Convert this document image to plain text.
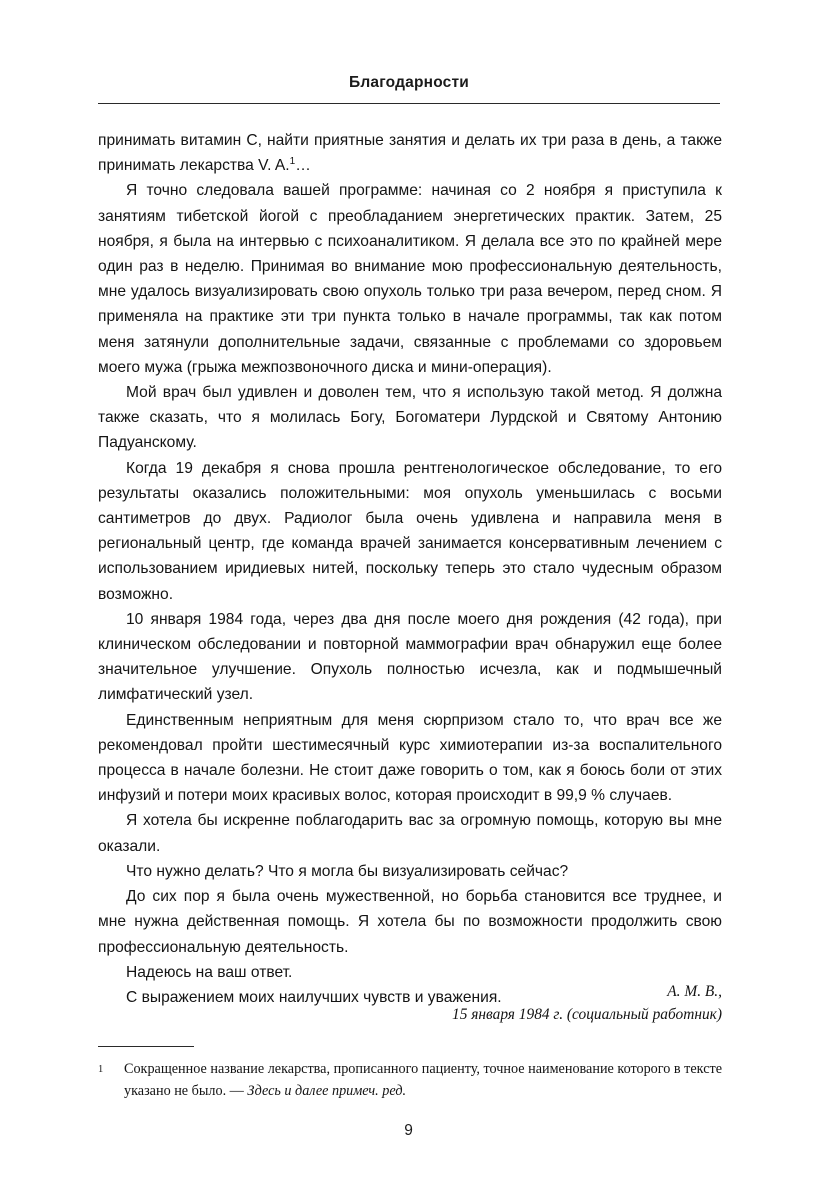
Благодарности

принимать витамин C, найти приятные занятия и делать их три раза в день, а также принимать лекарства V. A.$^1$…

Я точно следовала вашей программе: начиная со 2 ноября я приступила к занятиям тибетской йогой с преобладанием энергетических практик. Затем, 25 ноября, я была на интервью с психоаналитиком. Я делала все это по крайней мере один раз в неделю. Принимая во внимание мою профессиональную деятельность, мне удалось визуализировать свою опухоль только три раза вечером, перед сном. Я применяла на практике эти три пункта только в начале программы, так как потом меня затянули дополнительные задачи, связанные с проблемами со здоровьем моего мужа (грыжа межпозвоночного диска и мини-операция).

Мой врач был удивлен и доволен тем, что я использую такой метод. Я должна также сказать, что я молилась Богу, Богоматери Лурдской и Святому Антонию Падуанскому.

Когда 19 декабря я снова прошла рентгенологическое обследование, то его результаты оказались положительными: моя опухоль уменьшилась с восьми сантиметров до двух. Радиолог была очень удивлена и направила меня в региональный центр, где команда врачей занимается консервативным лечением с использованием иридиевых нитей, поскольку теперь это стало чудесным образом возможно.

10 января 1984 года, через два дня после моего дня рождения (42 года), при клиническом обследовании и повторной маммографии врач обнаружил еще более значительное улучшение. Опухоль полностью исчезла, как и подмышечный лимфатический узел.

Единственным неприятным для меня сюрпризом стало то, что врач все же рекомендовал пройти шестимесячный курс химиотерапии из-за воспалительного процесса в начале болезни. Не стоит даже говорить о том, как я боюсь боли от этих инфузий и потери моих красивых волос, которая происходит в 99,9 % случаев.

Я хотела бы искренне поблагодарить вас за огромную помощь, которую вы мне оказали.

Что нужно делать? Что я могла бы визуализировать сейчас?

До сих пор я была очень мужественной, но борьба становится все труднее, и мне нужна действенная помощь. Я хотела бы по возможности продолжить свою профессиональную деятельность.

Надеюсь на ваш ответ.

С выражением моих наилучших чувств и уважения.	А. М. В.,
15 января 1984 г. (социальный работник)
1	Сокращенное название лекарства, прописанного пациенту, точное наименование которого в тексте указано не было. — Здесь и далее примеч. ред.
9
